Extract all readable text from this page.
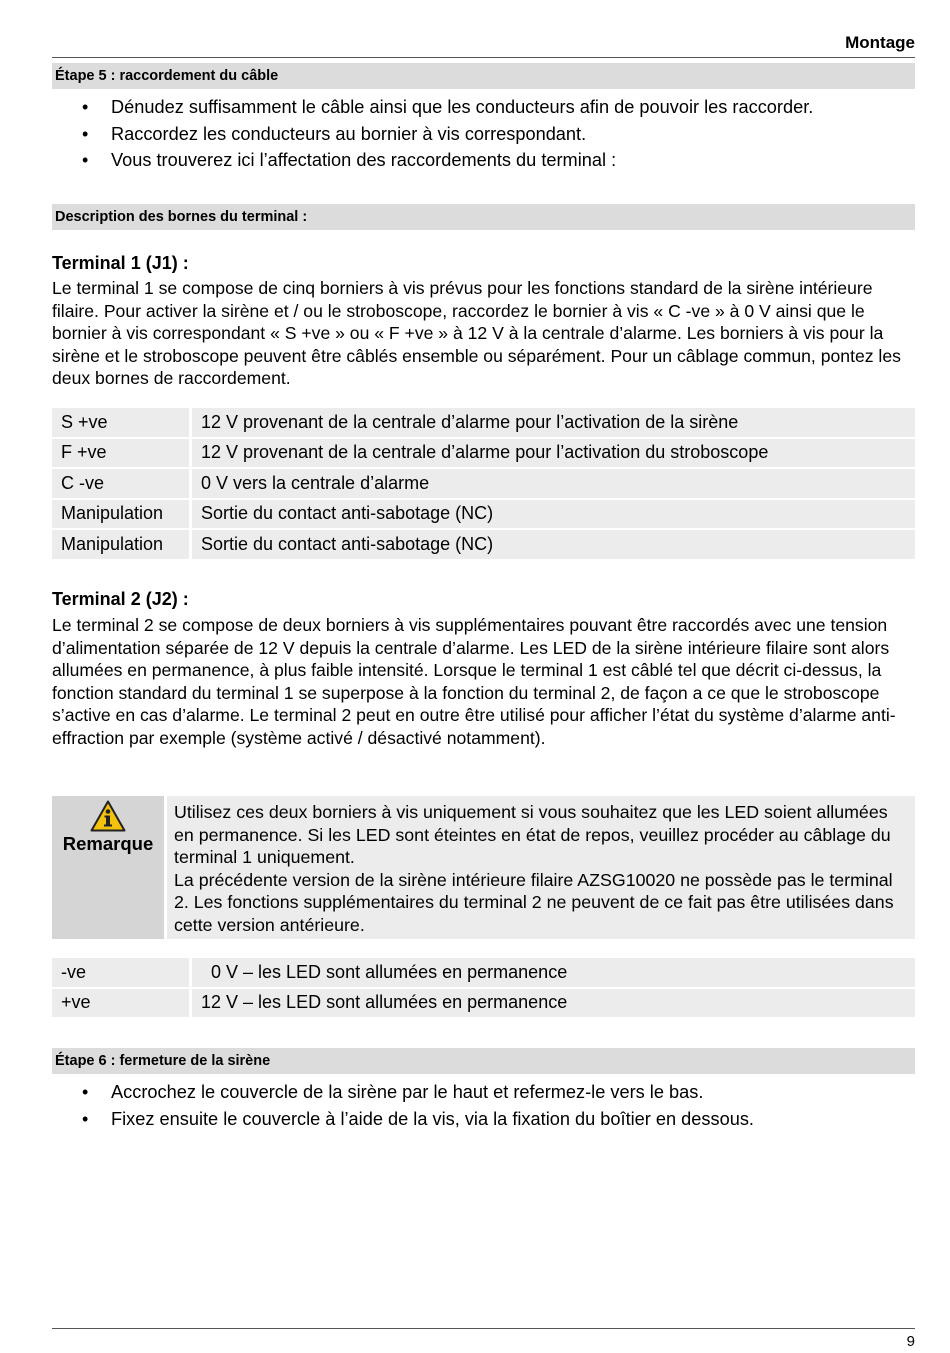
Montage
Étape 5 : raccordement du câble
• Dénudez suffisamment le câble ainsi que les conducteurs afin de pouvoir les raccorder.
• Raccordez les conducteurs au bornier à vis correspondant.
• Vous trouverez ici l’affectation des raccordements du terminal :
Description des bornes du terminal :
Terminal 1 (J1) :

Le terminal 1 se compose de cinq borniers à vis prévus pour les fonctions standard de la sirène intérieure filaire. Pour activer la sirène et / ou le stroboscope, raccordez le bornier à vis « C -ve » à 0 V ainsi que le bornier à vis correspondant « S +ve » ou « F +ve » à 12 V à la centrale d’alarme. Les borniers à vis pour la sirène et le stroboscope peuvent être câblés ensemble ou séparément. Pour un câblage commun, pontez les deux bornes de raccordement.

S +ve		12 V provenant de la centrale d’alarme pour l’activation de la sirène
F +ve		12 V provenant de la centrale d’alarme pour l’activation du stroboscope
C -ve		0 V vers la centrale d’alarme
Manipulation		Sortie du contact anti-sabotage (NC)
Manipulation		Sortie du contact anti-sabotage (NC)
Terminal 2 (J2) :

Le terminal 2 se compose de deux borniers à vis supplémentaires pouvant être raccordés avec une tension d’alimentation séparée de 12 V depuis la centrale d’alarme. Les LED de la sirène intérieure filaire sont alors allumées en permanence, à plus faible intensité. Lorsque le terminal 1 est câblé tel que décrit ci-dessus, la fonction standard du terminal 1 se superpose à la fonction du terminal 2, de façon a ce que le stroboscope s’active en cas d’alarme. Le terminal 2 peut en outre être utilisé pour afficher l’état du système d’alarme anti-effraction par exemple (système activé / désactivé notamment).

Remarque

Utilisez ces deux borniers à vis uniquement si vous souhaitez que les LED soient allumées en permanence. Si les LED sont éteintes en état de repos, veuillez procéder au câblage du terminal 1 uniquement.

La précédente version de la sirène intérieure filaire AZSG10020 ne possède pas le terminal 2. Les fonctions supplémentaires du terminal 2 ne peuvent de ce fait pas être utilisées dans cette version antérieure.

-ve		0 V – les LED sont allumées en permanence
+ve		12 V – les LED sont allumées en permanence
Étape 6 : fermeture de la sirène
• Accrochez le couvercle de la sirène par le haut et refermez-le vers le bas.
• Fixez ensuite le couvercle à l’aide de la vis, via la fixation du boîtier en dessous.
9
